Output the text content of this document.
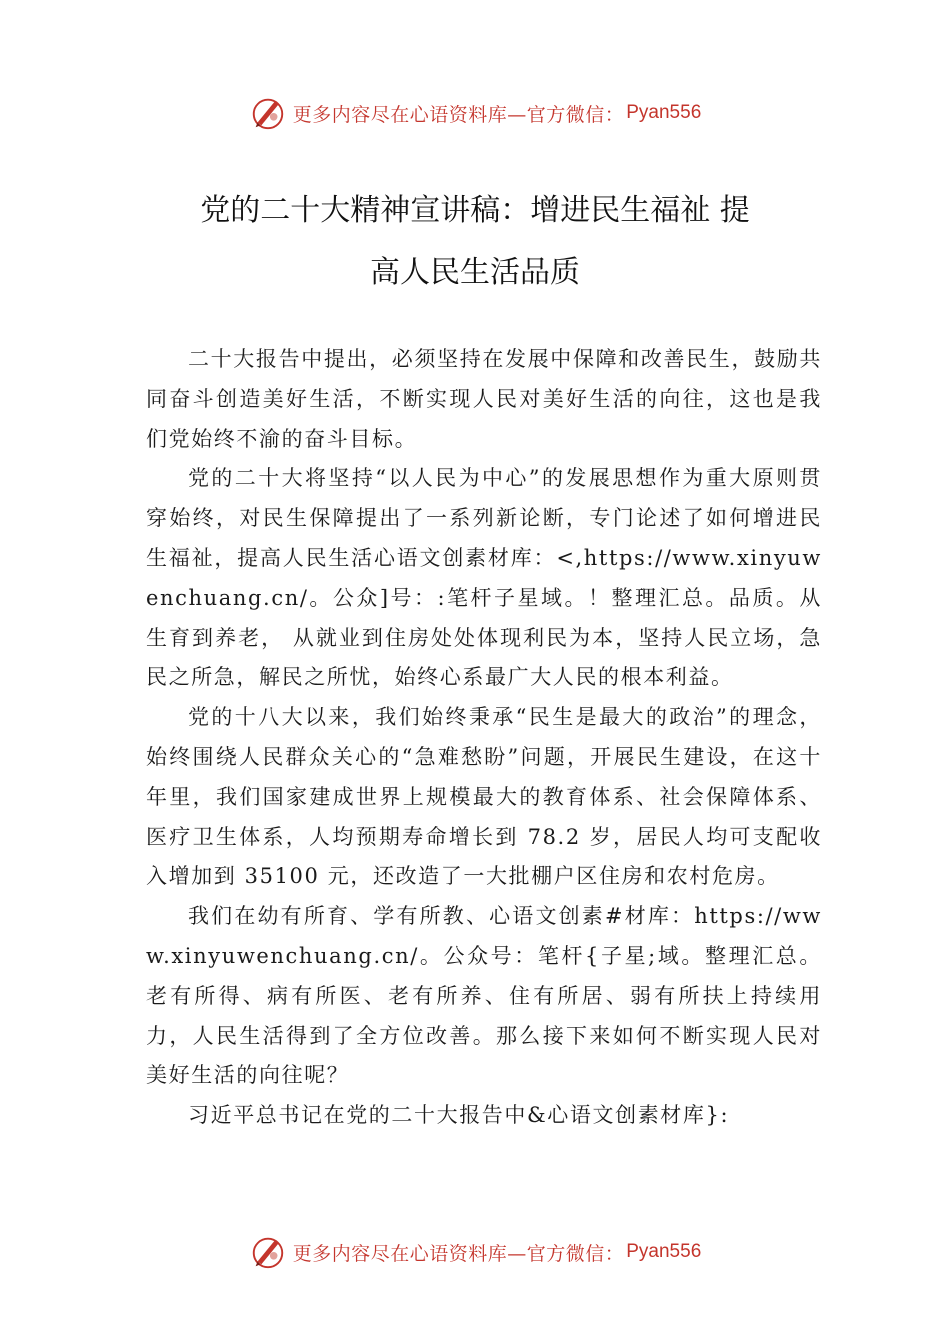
更多内容尽在心语资料库—官方微信： Pyan556
党的二十大精神宣讲稿：增进民生福祉 提
高人民生活品质

二十大报告中提出，必须坚持在发展中保障和改善民生，鼓励共同奋斗创造美好生活，不断实现人民对美好生活的向往，这也是我们党始终不渝的奋斗目标。

党的二十大将坚持“以人民为中心”的发展思想作为重大原则贯穿始终，对民生保障提出了一系列新论断，专门论述了如何增进民生福祉，提高人民生活心语文创素材库：<,https://www.xinyuwenchuang.cn/。公众]号：:笔杆子星域。！整理汇总。品质。从生育到养老， 从就业到住房处处体现利民为本，坚持人民立场，急民之所急，解民之所忧，始终心系最广大人民的根本利益。

党的十八大以来，我们始终秉承“民生是最大的政治”的理念，始终围绕人民群众关心的“急难愁盼”问题，开展民生建设，在这十年里，我们国家建成世界上规模最大的教育体系、社会保障体系、医疗卫生体系，人均预期寿命增长到 78.2 岁，居民人均可支配收入增加到 35100 元，还改造了一大批棚户区住房和农村危房。

我们在幼有所育、学有所教、心语文创素#材库：https://www.xinyuwenchuang.cn/。公众号：笔杆{子星;域。整理汇总。老有所得、病有所医、老有所养、住有所居、弱有所扶上持续用力，人民生活得到了全方位改善。那么接下来如何不断实现人民对美好生活的向往呢？

习近平总书记在党的二十大报告中&心语文创素材库}:

更多内容尽在心语资料库—官方微信： Pyan556
